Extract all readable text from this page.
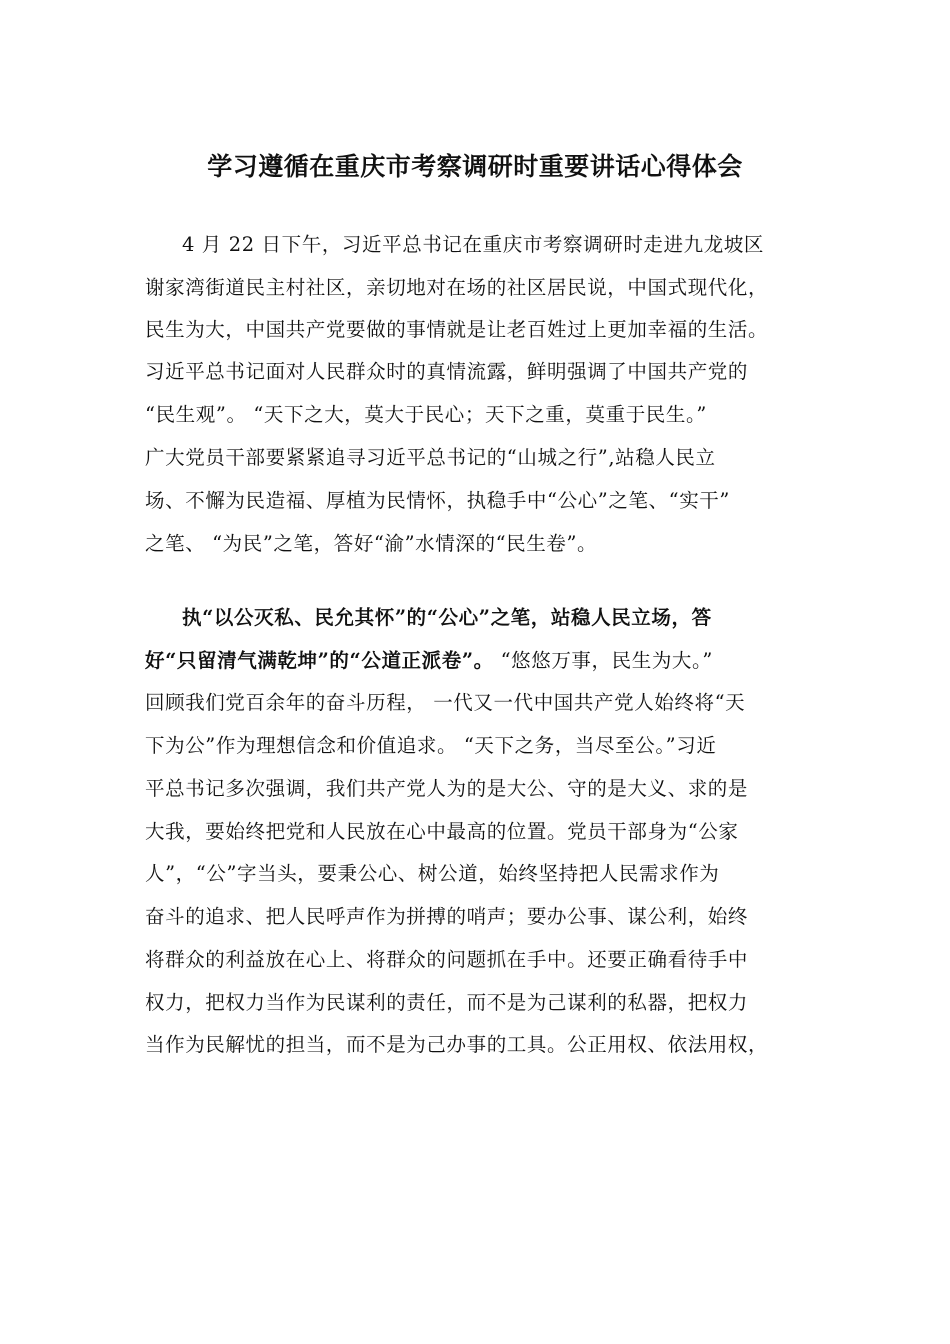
学习遵循在重庆市考察调研时重要讲话心得体会
4 月 22 日下午，习近平总书记在重庆市考察调研时走进九龙坡区
谢家湾街道民主村社区，亲切地对在场的社区居民说，中国式现代化，
民生为大，中国共产党要做的事情就是让老百姓过上更加幸福的生活。
习近平总书记面对人民群众时的真情流露，鲜明强调了中国共产党的
“民生观”。 “天下之大，莫大于民心；天下之重，莫重于民生。”
广大党员干部要紧紧追寻习近平总书记的“山城之行”,站稳人民立
场、不懈为民造福、厚植为民情怀，执稳手中“公心”之笔、“实干”
之笔、 “为民”之笔，答好“渝”水情深的“民生卷”。
执“以公灭私、民允其怀”的“公心”之笔，站稳人民立场，答
好“只留清气满乾坤”的“公道正派卷”。 “悠悠万事，民生为大。”
回顾我们党百余年的奋斗历程， 一代又一代中国共产党人始终将“天
下为公”作为理想信念和价值追求。 “天下之务，当尽至公。”习近
平总书记多次强调，我们共产党人为的是大公、守的是大义、求的是
大我，要始终把党和人民放在心中最高的位置。党员干部身为“公家
人”，“公”字当头，要秉公心、树公道，始终坚持把人民需求作为
奋斗的追求、把人民呼声作为拼搏的哨声；要办公事、谋公利，始终
将群众的利益放在心上、将群众的问题抓在手中。还要正确看待手中
权力，把权力当作为民谋利的责任，而不是为己谋利的私器，把权力
当作为民解忧的担当，而不是为己办事的工具。公正用权、依法用权，
